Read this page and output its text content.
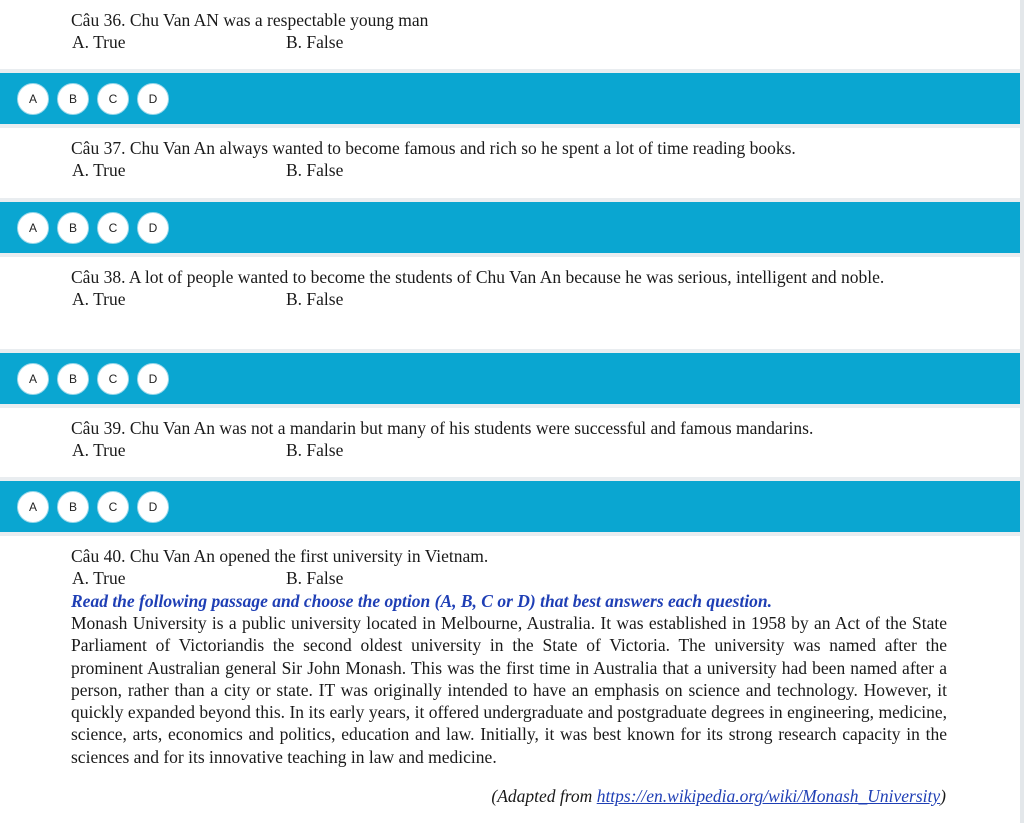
Câu 36. Chu Van AN was a respectable young man
A. True	B. False
A	B	C	D
Câu 37. Chu Van An always wanted to become famous and rich so he spent a lot of time reading books.
A. True	B. False
A	B	C	D
Câu 38. A lot of people wanted to become the students of Chu Van An because he was serious, intelligent and noble.
A. True	B. False
A	B	C	D
Câu 39. Chu Van An was not a mandarin but many of his students were successful and famous mandarins.
A. True	B. False
A	B	C	D
Câu 40. Chu Van An opened the first university in Vietnam.
A. True	B. False
Read the following passage and choose the option (A, B, C or D) that best answers each question.
Monash University is a public university located in Melbourne, Australia. It was established in 1958 by an Act of the State Parliament of Victoriandis the second oldest university in the State of Victoria. The university was named after the prominent Australian general Sir John Monash. This was the first time in Australia that a university had been named after a person, rather than a city or state. IT was originally intended to have an emphasis on science and technology. However, it quickly expanded beyond this. In its early years, it offered undergraduate and postgraduate degrees in engineering, medicine, science, arts, economics and politics, education and law. Initially, it was best known for its strong research capacity in the sciences and for its innovative teaching in law and medicine.
(Adapted from https://en.wikipedia.org/wiki/Monash_University)
